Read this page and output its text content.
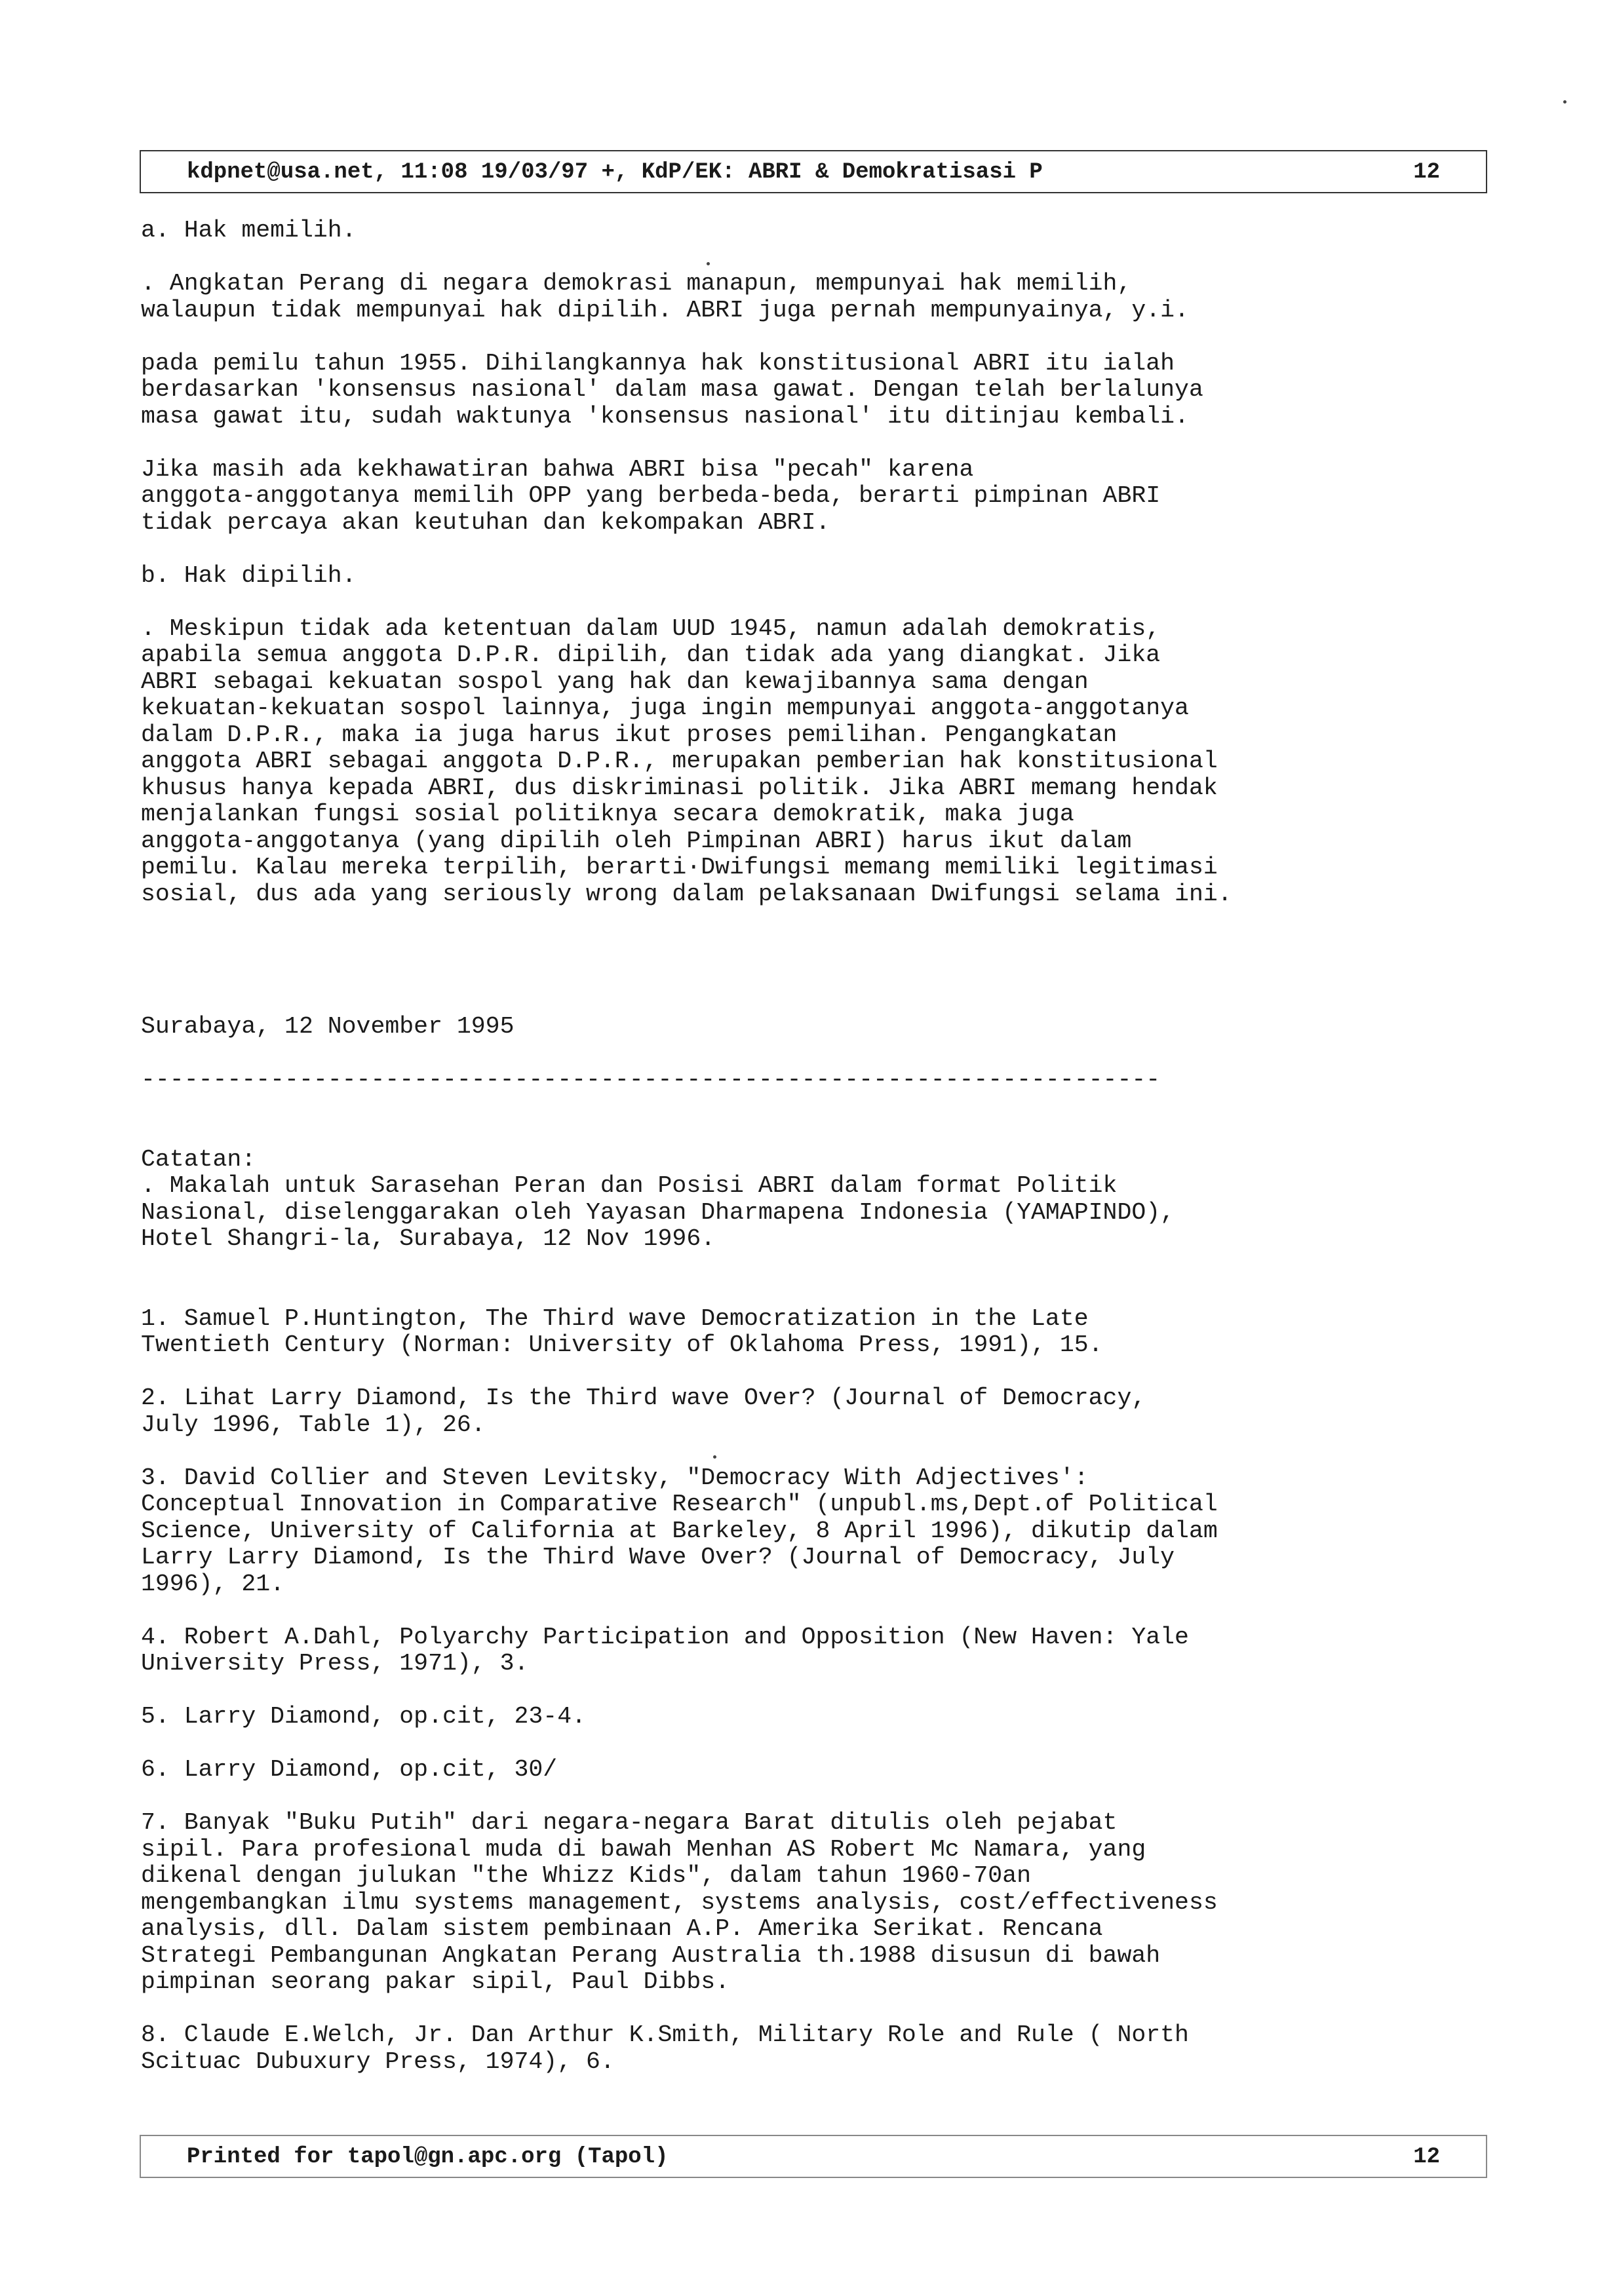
kdpnet@usa.net, 11:08 19/03/97 +, KdP/EK: ABRI & Demokratisasi P	12
a. Hak memilih.
. Angkatan Perang di negara demokrasi manapun, mempunyai hak memilih,
walaupun tidak mempunyai hak dipilih. ABRI juga pernah mempunyainya, y.i.
pada pemilu tahun 1955. Dihilangkannya hak konstitusional ABRI itu ialah
berdasarkan 'konsensus nasional' dalam masa gawat. Dengan telah berlalunya
masa gawat itu, sudah waktunya 'konsensus nasional' itu ditinjau kembali.
Jika masih ada kekhawatiran bahwa ABRI bisa "pecah" karena
anggota-anggotanya memilih OPP yang berbeda-beda, berarti pimpinan ABRI
tidak percaya akan keutuhan dan kekompakan ABRI.
b. Hak dipilih.
. Meskipun tidak ada ketentuan dalam UUD 1945, namun adalah demokratis,
apabila semua anggota D.P.R. dipilih, dan tidak ada yang diangkat. Jika
ABRI sebagai kekuatan sospol yang hak dan kewajibannya sama dengan
kekuatan-kekuatan sospol lainnya, juga ingin mempunyai anggota-anggotanya
dalam D.P.R., maka ia juga harus ikut proses pemilihan. Pengangkatan
anggota ABRI sebagai anggota D.P.R., merupakan pemberian hak konstitusional
khusus hanya kepada ABRI, dus diskriminasi politik. Jika ABRI memang hendak
menjalankan fungsi sosial politiknya secara demokratik, maka juga
anggota-anggotanya (yang dipilih oleh Pimpinan ABRI) harus ikut dalam
pemilu. Kalau mereka terpilih, berarti·Dwifungsi memang memiliki legitimasi
sosial, dus ada yang seriously wrong dalam pelaksanaan Dwifungsi selama ini.
Surabaya, 12 November 1995
-----------------------------------------------------------------------
Catatan:
. Makalah untuk Sarasehan Peran dan Posisi ABRI dalam format Politik
Nasional, diselenggarakan oleh Yayasan Dharmapena Indonesia (YAMAPINDO),
Hotel Shangri-la, Surabaya, 12 Nov 1996.
1. Samuel P.Huntington, The Third wave Democratization in the Late
Twentieth Century (Norman: University of Oklahoma Press, 1991), 15.
2. Lihat Larry Diamond, Is the Third wave Over? (Journal of Democracy,
July 1996, Table 1), 26.
3. David Collier and Steven Levitsky, "Democracy With Adjectives':
Conceptual Innovation in Comparative Research" (unpubl.ms,Dept.of Political
Science, University of California at Barkeley, 8 April 1996), dikutip dalam
Larry Larry Diamond, Is the Third Wave Over? (Journal of Democracy, July
1996), 21.
4. Robert A.Dahl, Polyarchy Participation and Opposition (New Haven: Yale
University Press, 1971), 3.
5. Larry Diamond, op.cit, 23-4.
6. Larry Diamond, op.cit, 30/
7. Banyak "Buku Putih" dari negara-negara Barat ditulis oleh pejabat
sipil. Para profesional muda di bawah Menhan AS Robert Mc Namara, yang
dikenal dengan julukan "the Whizz Kids", dalam tahun 1960-70an
mengembangkan ilmu systems management, systems analysis, cost/effectiveness
analysis, dll. Dalam sistem pembinaan A.P. Amerika Serikat. Rencana
Strategi Pembangunan Angkatan Perang Australia th.1988 disusun di bawah
pimpinan seorang pakar sipil, Paul Dibbs.
8. Claude E.Welch, Jr. Dan Arthur K.Smith, Military Role and Rule ( North
Scituac Dubuxury Press, 1974), 6.
Printed for tapol@gn.apc.org (Tapol)	12
